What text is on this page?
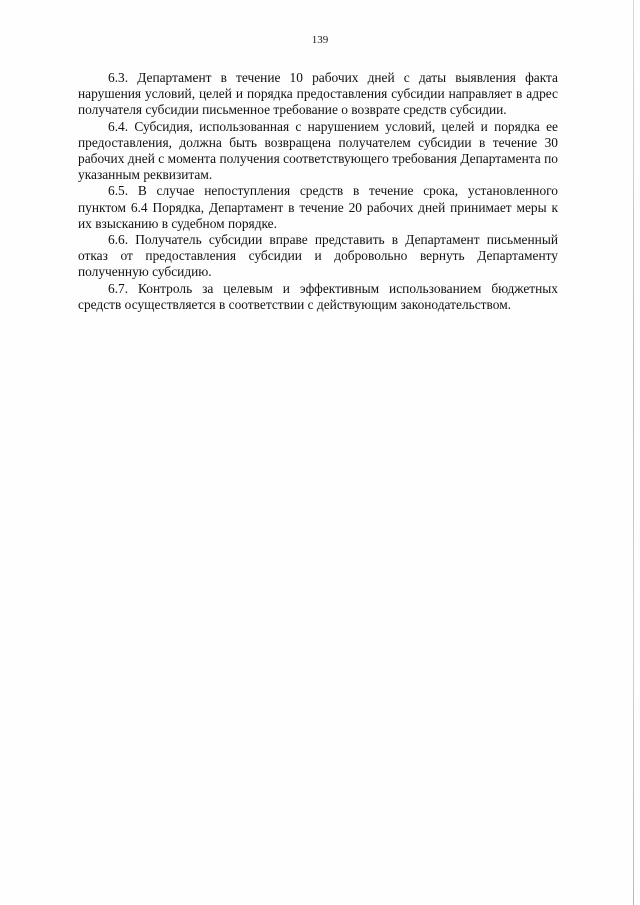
139

6.3. Департамент в течение 10 рабочих дней с даты выявления факта нарушения условий, целей и порядка предоставления субсидии направляет в адрес получателя субсидии письменное требование о возврате средств субсидии.

6.4. Субсидия, использованная с нарушением условий, целей и порядка ее предоставления, должна быть возвращена получателем субсидии в течение 30 рабочих дней с момента получения соответствующего требования Департамента по указанным реквизитам.

6.5. В случае непоступления средств в течение срока, установленного пунктом 6.4 Порядка, Департамент в течение 20 рабочих дней принимает меры к их взысканию в судебном порядке.

6.6. Получатель субсидии вправе представить в Департамент письменный отказ от предоставления субсидии и добровольно вернуть Департаменту полученную субсидию.

6.7. Контроль за целевым и эффективным использованием бюджетных средств осуществляется в соответствии с действующим законодательством.
